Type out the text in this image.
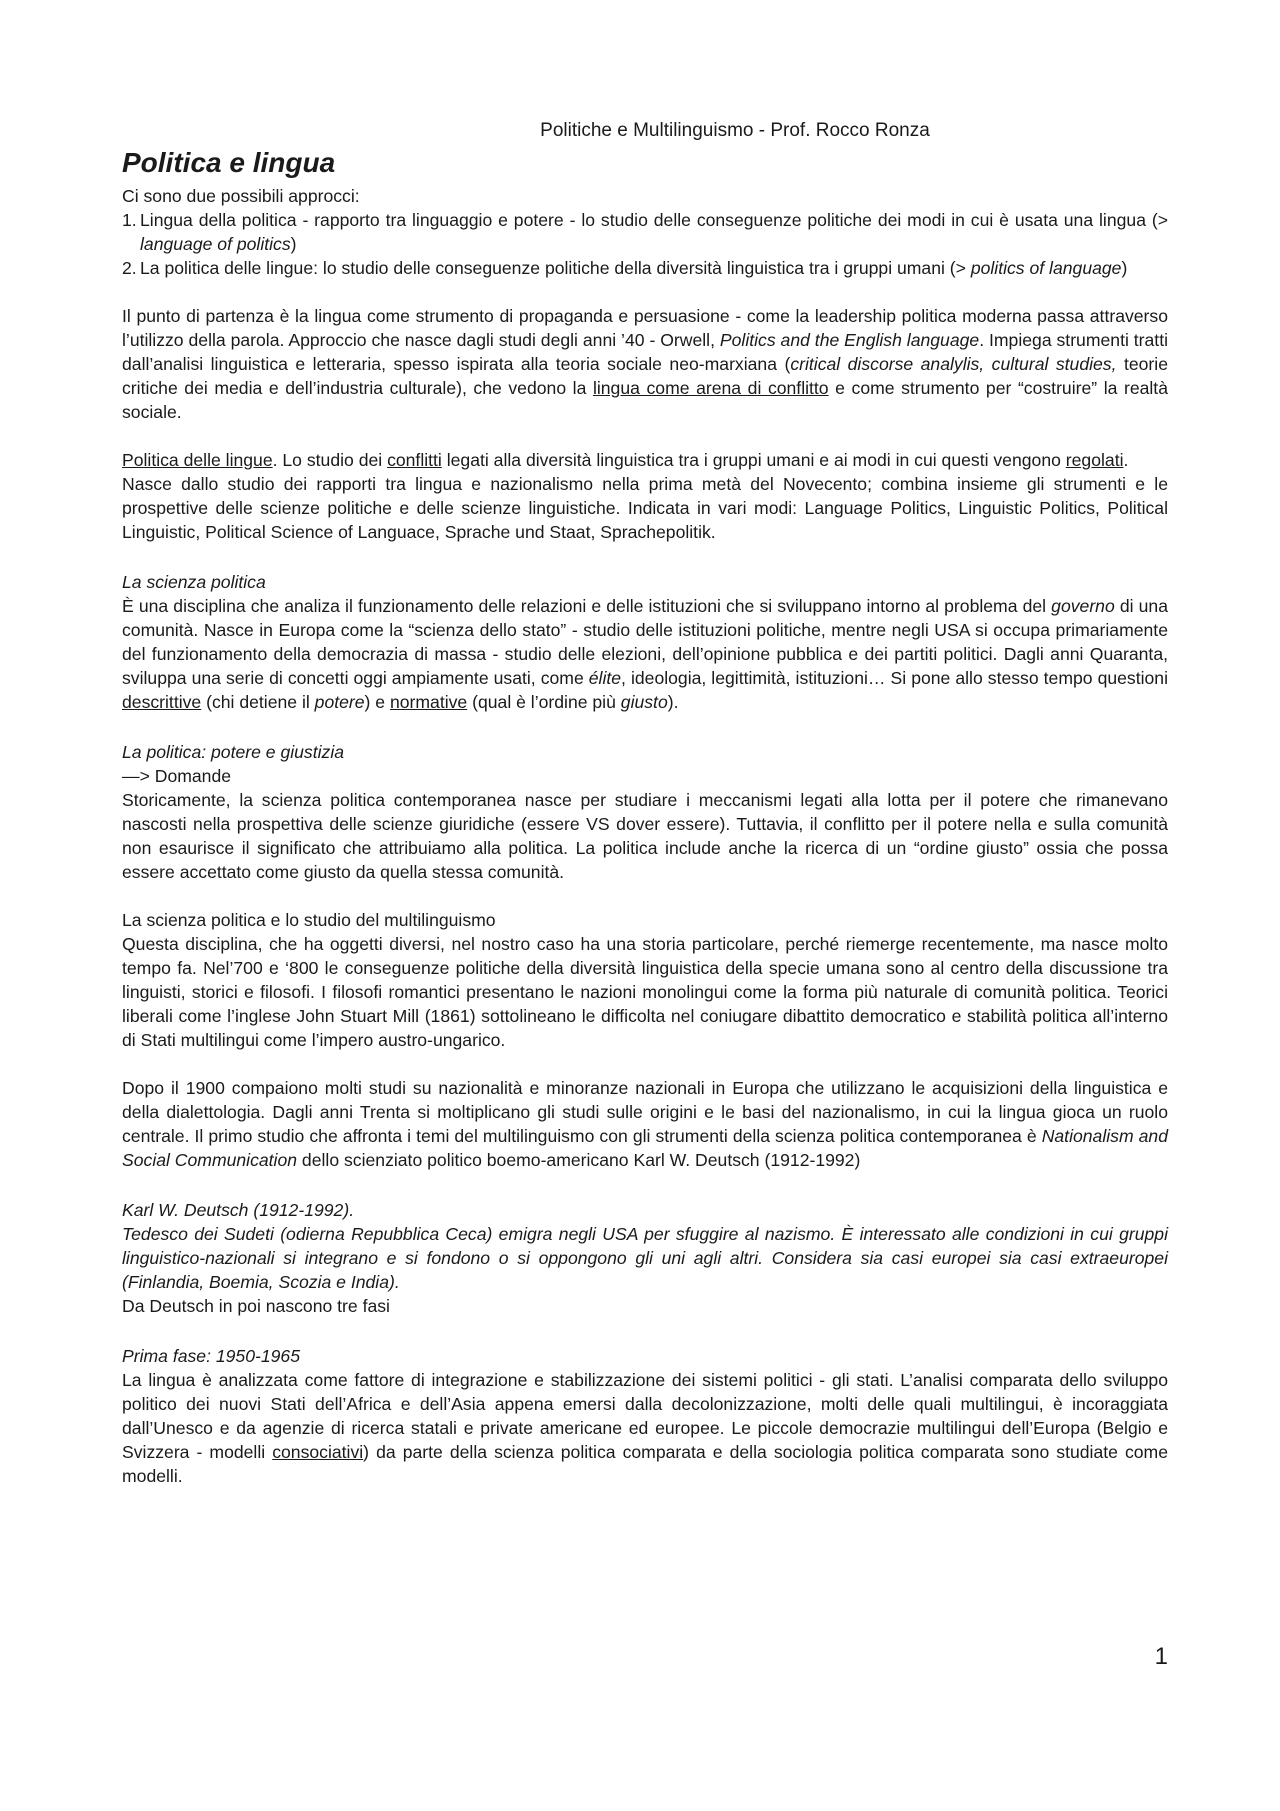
Politiche e Multilinguismo - Prof. Rocco Ronza
Politica e lingua

Ci sono due possibili approcci:

1. Lingua della politica - rapporto tra linguaggio e potere - lo studio delle conseguenze politiche dei modi in cui è usata una lingua (> language of politics)
2. La politica delle lingue: lo studio delle conseguenze politiche della diversità linguistica tra i gruppi umani (> politics of language)

Il punto di partenza è la lingua come strumento di propaganda e persuasione - come la leadership politica moderna passa attraverso l’utilizzo della parola. Approccio che nasce dagli studi degli anni ’40 - Orwell, Politics and the English language. Impiega strumenti tratti dall’analisi linguistica e letteraria, spesso ispirata alla teoria sociale neo-marxiana (critical discorse analylis, cultural studies, teorie critiche dei media e dell’industria culturale), che vedono la lingua come arena di conflitto e come strumento per “costruire” la realtà sociale.

Politica delle lingue. Lo studio dei conflitti legati alla diversità linguistica tra i gruppi umani e ai modi in cui questi vengono regolati.

Nasce dallo studio dei rapporti tra lingua e nazionalismo nella prima metà del Novecento; combina insieme gli strumenti e le prospettive delle scienze politiche e delle scienze linguistiche. Indicata in vari modi: Language Politics, Linguistic Politics, Political Linguistic, Political Science of Languace, Sprache und Staat, Sprachepolitik.

La scienza politica

È una disciplina che analiza il funzionamento delle relazioni e delle istituzioni che si sviluppano intorno al problema del governo di una comunità. Nasce in Europa come la “scienza dello stato” - studio delle istituzioni politiche, mentre negli USA si occupa primariamente del funzionamento della democrazia di massa - studio delle elezioni, dell’opinione pubblica e dei partiti politici. Dagli anni Quaranta, sviluppa una serie di concetti oggi ampiamente usati, come élite, ideologia, legittimità, istituzioni… Si pone allo stesso tempo questioni descrittive (chi detiene il potere) e normative (qual è l’ordine più giusto).

La politica: potere e giustizia
—> Domande

Storicamente, la scienza politica contemporanea nasce per studiare i meccanismi legati alla lotta per il potere che rimanevano nascosti nella prospettiva delle scienze giuridiche (essere VS dover essere). Tuttavia, il conflitto per il potere nella e sulla comunità non esaurisce il significato che attribuiamo alla politica. La politica include anche la ricerca di un “ordine giusto” ossia che possa essere accettato come giusto da quella stessa comunità.

La scienza politica e lo studio del multilinguismo

Questa disciplina, che ha oggetti diversi, nel nostro caso ha una storia particolare, perché riemerge recentemente, ma nasce molto tempo fa. Nel’700 e ‘800 le conseguenze politiche della diversità linguistica della specie umana sono al centro della discussione tra linguisti, storici e filosofi. I filosofi romantici presentano le nazioni monolingui come la forma più naturale di comunità politica. Teorici liberali come l’inglese John Stuart Mill (1861) sottolineano le difficolta nel coniugare dibattito democratico e stabilità politica all’interno di Stati multilingui come l’impero austro-ungarico.

Dopo il 1900 compaiono molti studi su nazionalità e minoranze nazionali in Europa che utilizzano le acquisizioni della linguistica e della dialettologia. Dagli anni Trenta si moltiplicano gli studi sulle origini e le basi del nazionalismo, in cui la lingua gioca un ruolo centrale. Il primo studio che affronta i temi del multilinguismo con gli strumenti della scienza politica contemporanea è Nationalism and Social Communication dello scienziato politico boemo-americano Karl W. Deutsch (1912-1992)

Karl W. Deutsch (1912-1992).

Tedesco dei Sudeti (odierna Repubblica Ceca) emigra negli USA per sfuggire al nazismo. È interessato alle condizioni in cui gruppi linguistico-nazionali si integrano e si fondono o si oppongono gli uni agli altri. Considera sia casi europei sia casi extraeuropei (Finlandia, Boemia, Scozia e India).

Da Deutsch in poi nascono tre fasi

Prima fase: 1950-1965

La lingua è analizzata come fattore di integrazione e stabilizzazione dei sistemi politici - gli stati. L’analisi comparata dello sviluppo politico dei nuovi Stati dell’Africa e dell’Asia appena emersi dalla decolonizzazione, molti delle quali multilingui, è incoraggiata dall’Unesco e da agenzie di ricerca statali e private americane ed europee. Le piccole democrazie multilingui dell’Europa (Belgio e Svizzera - modelli consociativi) da parte della scienza politica comparata e della sociologia politica comparata sono studiate come modelli.

1
